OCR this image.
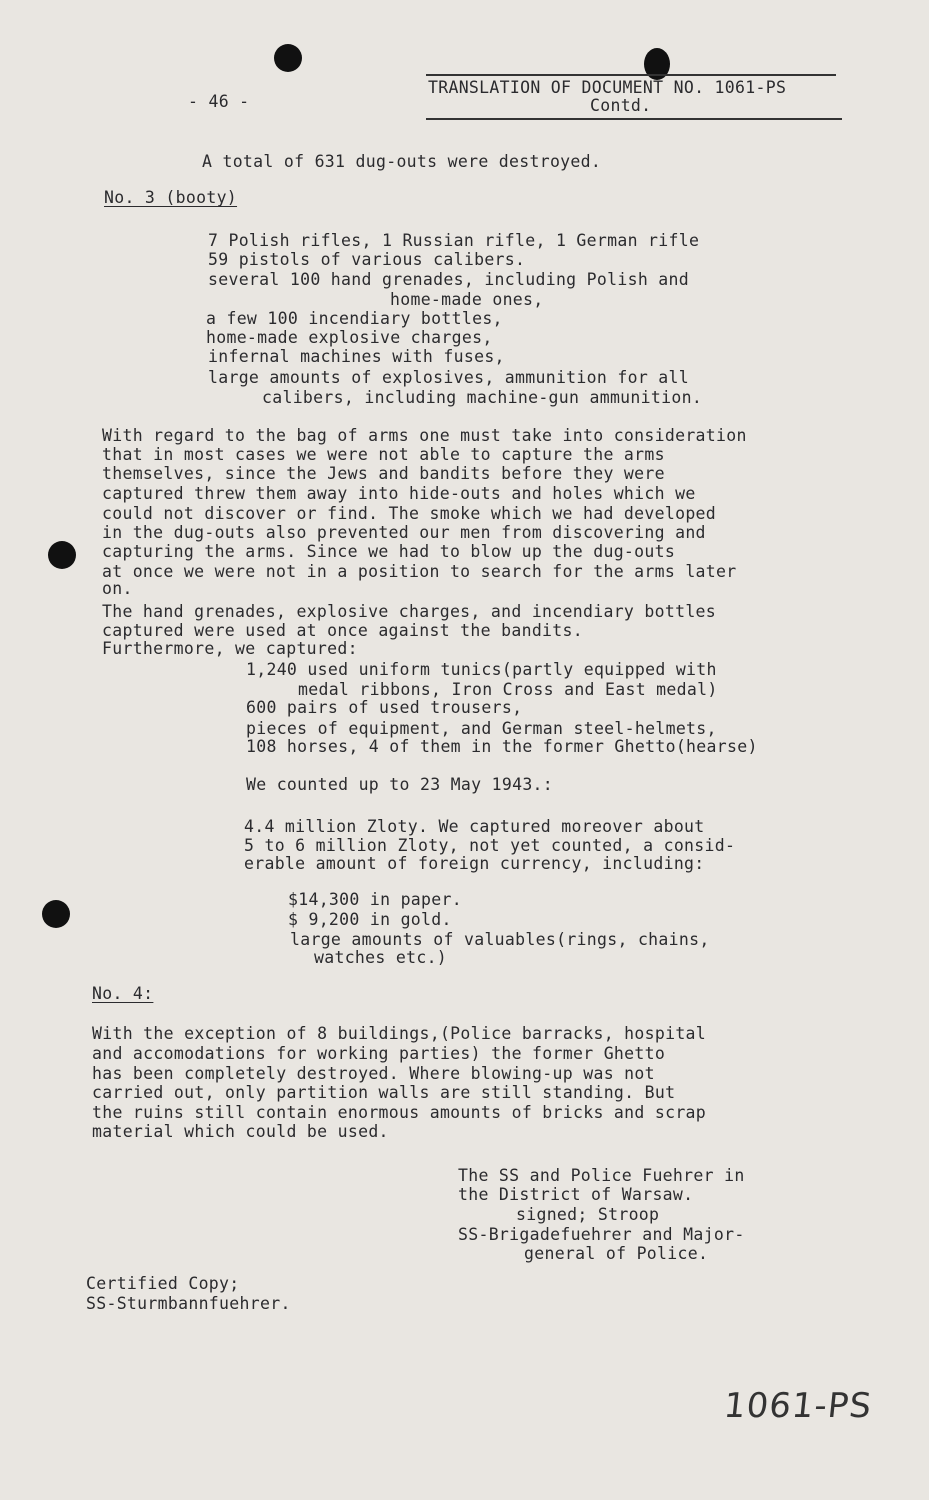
- 46 -
TRANSLATION OF DOCUMENT NO. 1061-PS
Contd.
A total of 631 dug-outs were destroyed.
No. 3 (booty)
7 Polish rifles, 1 Russian rifle, 1 German rifle
59 pistols of various calibers.
several 100 hand grenades, including Polish and
home-made ones,
a few 100 incendiary bottles,
home-made explosive charges,
infernal machines with fuses,
large amounts of explosives, ammunition for all
calibers, including machine-gun ammunition.
With regard to the bag of arms one must take into consideration
that in most cases we were not able to capture the arms
themselves, since the Jews and bandits before they were
captured threw them away into hide-outs and holes which we
could not discover or find. The smoke which we had developed
in the dug-outs also prevented our men from discovering and
capturing the arms. Since we had to blow up the dug-outs
at once we were not in a position to search for the arms later
on.
The hand grenades, explosive charges, and incendiary bottles
captured were used at once against the bandits.
Furthermore, we captured:
1,240 used uniform tunics(partly equipped with
medal ribbons, Iron Cross and East medal)
600 pairs of used trousers,
pieces of equipment, and German steel-helmets,
108 horses, 4 of them in the former Ghetto(hearse)
We counted up to 23 May 1943.:
4.4 million Zloty. We captured moreover about
5 to 6 million Zloty, not yet counted, a consid-
erable amount of foreign currency, including:
$14,300 in paper.
$ 9,200 in gold.
large amounts of valuables(rings, chains,
watches etc.)
No. 4:
With the exception of 8 buildings,(Police barracks, hospital
and accomodations for working parties) the former Ghetto
has been completely destroyed. Where blowing-up was not
carried out, only partition walls are still standing. But
the ruins still contain enormous amounts of bricks and scrap
material which could be used.
The SS and Police Fuehrer in
the District of Warsaw.
signed; Stroop
SS-Brigadefuehrer and Major-
general of Police.
Certified Copy;
SS-Sturmbannfuehrer.
1061-PS
